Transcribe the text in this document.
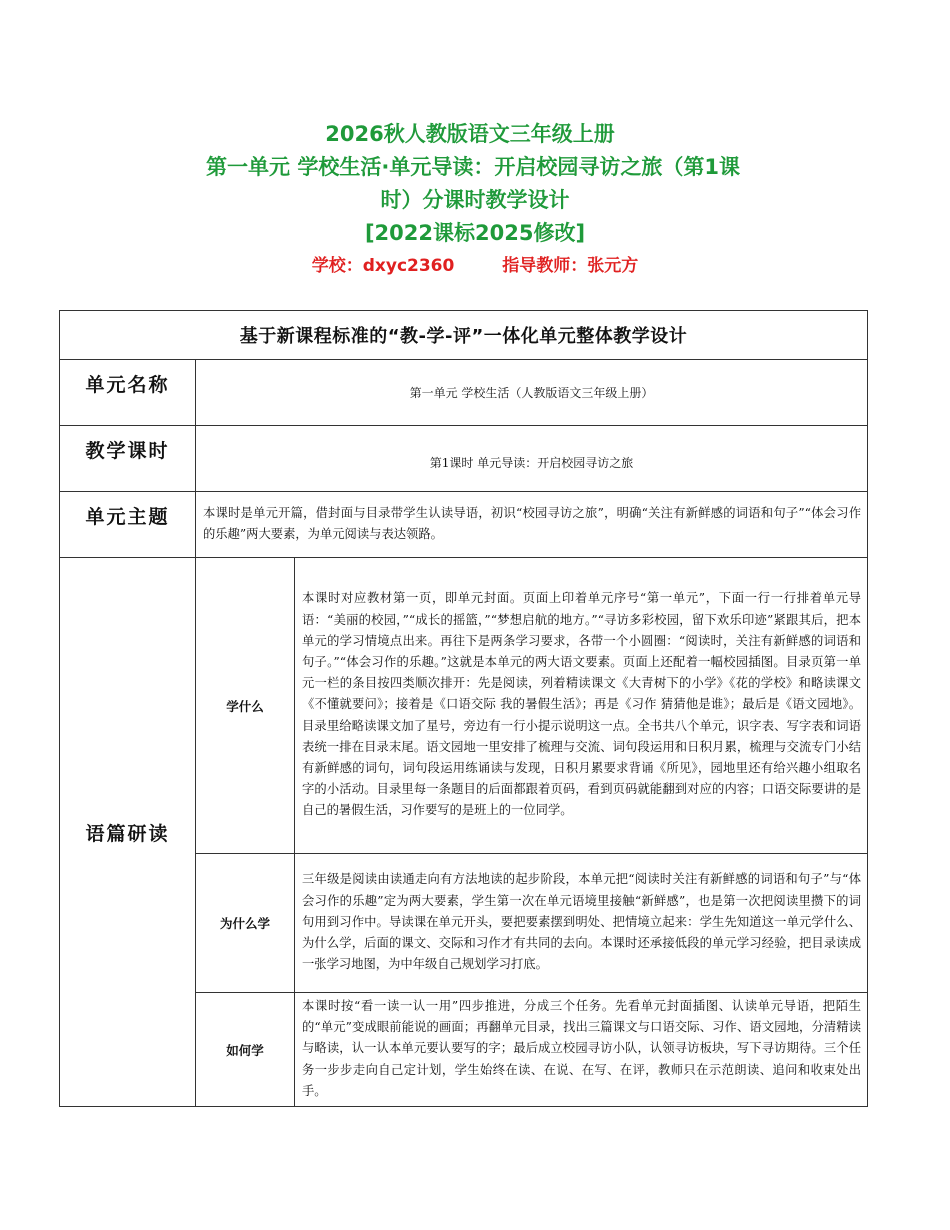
2026秋人教版语文三年级上册
第一单元 学校生活·单元导读：开启校园寻访之旅（第1课
时）分课时教学设计
[2022课标2025修改]
学校：dxyc2360	指导教师：张元方
基于新课程标准的“教-学-评”一体化单元整体教学设计		
单元名称	第一单元 学校生活（人教版语文三年级上册）	
教学课时	第1课时 单元导读：开启校园寻访之旅	
单元主题	本课时是单元开篇，借封面与目录带学生认读导语，初识“校园寻访之旅”，明确“关注有新鲜感的词语和句子”“体会习作的乐趣”两大要素，为单元阅读与表达领路。	
语篇研读	学什么	本课时对应教材第一页，即单元封面。页面上印着单元序号“第一单元”，下面一行一行排着单元导语：“美丽的校园，”“成长的摇篮，”“梦想启航的地方。”“寻访多彩校园，留下欢乐印迹”紧跟其后，把本单元的学习情境点出来。再往下是两条学习要求，各带一个小圆圈：“阅读时，关注有新鲜感的词语和句子。”“体会习作的乐趣。”这就是本单元的两大语文要素。页面上还配着一幅校园插图。目录页第一单元一栏的条目按四类顺次排开：先是阅读，列着精读课文《大青树下的小学》《花的学校》和略读课文《不懂就要问》；接着是《口语交际 我的暑假生活》；再是《习作 猜猜他是谁》；最后是《语文园地》。目录里给略读课文加了星号，旁边有一行小提示说明这一点。全书共八个单元，识字表、写字表和词语表统一排在目录末尾。语文园地一里安排了梳理与交流、词句段运用和日积月累，梳理与交流专门小结有新鲜感的词句，词句段运用练诵读与发现，日积月累要求背诵《所见》，园地里还有给兴趣小组取名字的小活动。目录里每一条题目的后面都跟着页码，看到页码就能翻到对应的内容；口语交际要讲的是自己的暑假生活，习作要写的是班上的一位同学。
	为什么学	三年级是阅读由读通走向有方法地读的起步阶段，本单元把“阅读时关注有新鲜感的词语和句子”与“体会习作的乐趣”定为两大要素，学生第一次在单元语境里接触“新鲜感”，也是第一次把阅读里攒下的词句用到习作中。导读课在单元开头，要把要素摆到明处、把情境立起来：学生先知道这一单元学什么、为什么学，后面的课文、交际和习作才有共同的去向。本课时还承接低段的单元学习经验，把目录读成一张学习地图，为中年级自己规划学习打底。
	如何学	本课时按“看一读一认一用”四步推进，分成三个任务。先看单元封面插图、认读单元导语，把陌生的“单元”变成眼前能说的画面；再翻单元目录，找出三篇课文与口语交际、习作、语文园地，分清精读与略读，认一认本单元要认要写的字；最后成立校园寻访小队，认领寻访板块，写下寻访期待。三个任务一步步走向自己定计划，学生始终在读、在说、在写、在评，教师只在示范朗读、追问和收束处出手。
